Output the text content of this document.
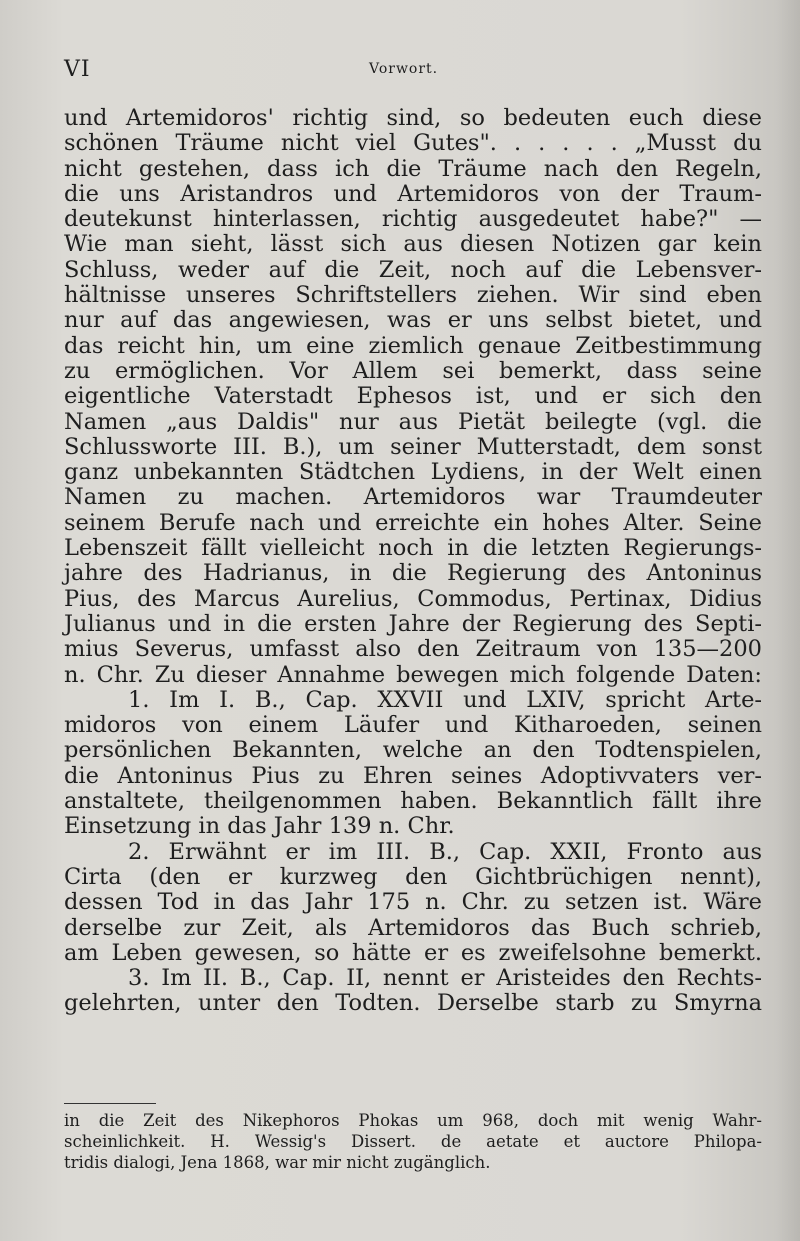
VI	Vorwort.
und Artemidoros' richtig sind, so bedeuten euch diese
schönen Träume nicht viel Gutes". . . . . . „Musst du
nicht gestehen, dass ich die Träume nach den Regeln,
die uns Aristandros und Artemidoros von der Traum-
deutekunst hinterlassen, richtig ausgedeutet habe?" —
Wie man sieht, lässt sich aus diesen Notizen gar kein
Schluss, weder auf die Zeit, noch auf die Lebensver-
hältnisse unseres Schriftstellers ziehen. Wir sind eben
nur auf das angewiesen, was er uns selbst bietet, und
das reicht hin, um eine ziemlich genaue Zeitbestimmung
zu ermöglichen. Vor Allem sei bemerkt, dass seine
eigentliche Vaterstadt Ephesos ist, und er sich den
Namen „aus Daldis" nur aus Pietät beilegte (vgl. die
Schlussworte III. B.), um seiner Mutterstadt, dem sonst
ganz unbekannten Städtchen Lydiens, in der Welt einen
Namen zu machen. Artemidoros war Traumdeuter
seinem Berufe nach und erreichte ein hohes Alter. Seine
Lebenszeit fällt vielleicht noch in die letzten Regierungs-
jahre des Hadrianus, in die Regierung des Antoninus
Pius, des Marcus Aurelius, Commodus, Pertinax, Didius
Julianus und in die ersten Jahre der Regierung des Septi-
mius Severus, umfasst also den Zeitraum von 135—200
n. Chr. Zu dieser Annahme bewegen mich folgende Daten:
1. Im I. B., Cap. XXVII und LXIV, spricht Arte-
midoros von einem Läufer und Kitharoeden, seinen
persönlichen Bekannten, welche an den Todtenspielen,
die Antoninus Pius zu Ehren seines Adoptivvaters ver-
anstaltete, theilgenommen haben. Bekanntlich fällt ihre
Einsetzung in das Jahr 139 n. Chr.
2. Erwähnt er im III. B., Cap. XXII, Fronto aus
Cirta (den er kurzweg den Gichtbrüchigen nennt),
dessen Tod in das Jahr 175 n. Chr. zu setzen ist. Wäre
derselbe zur Zeit, als Artemidoros das Buch schrieb,
am Leben gewesen, so hätte er es zweifelsohne bemerkt.
3. Im II. B., Cap. II, nennt er Aristeides den Rechts-
gelehrten, unter den Todten. Derselbe starb zu Smyrna
in die Zeit des Nikephoros Phokas um 968, doch mit wenig Wahr-
scheinlichkeit. H. Wessig's Dissert. de aetate et auctore Philopa-
tridis dialogi, Jena 1868, war mir nicht zugänglich.
